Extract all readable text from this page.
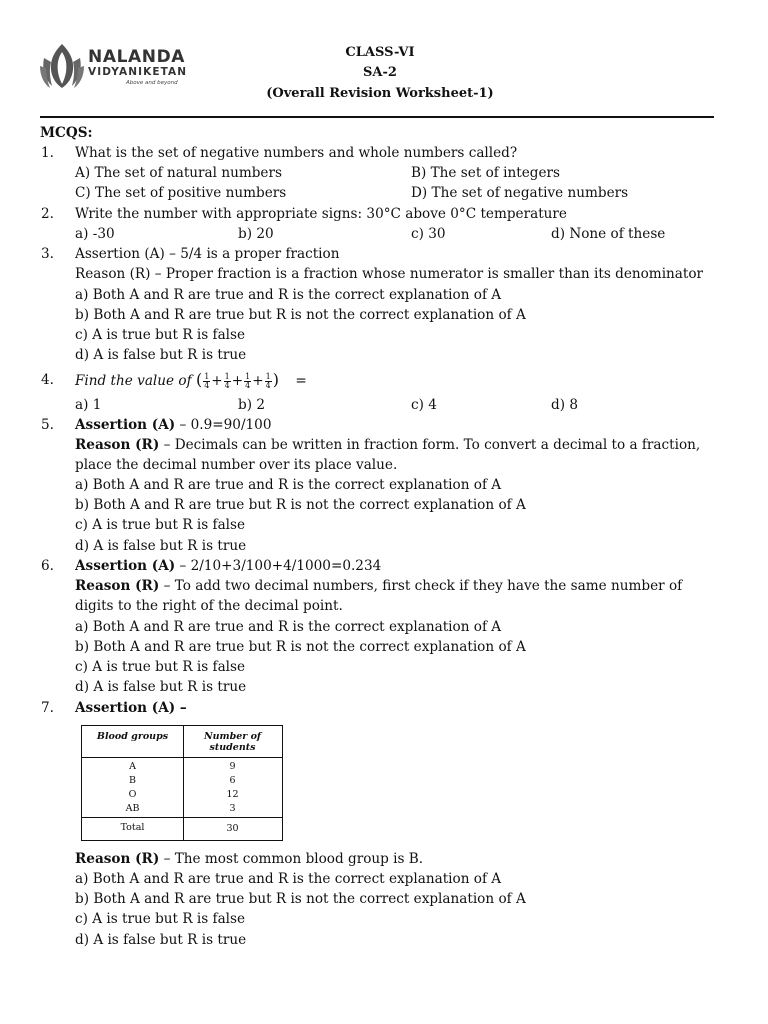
NALANDA
VIDYANIKETAN
Above and beyond
CLASS-VI
SA-2
(Overall Revision Worksheet-1)
MCQS:
1. What is the set of negative numbers and whole numbers called?
A) The set of natural numbers	B) The set of integers
C) The set of positive numbers	D) The set of negative numbers
2. Write the number with appropriate signs: 30°C above 0°C temperature
a) -30	b) 20	c) 30	d) None of these
3. Assertion (A) – 5/4 is a proper fraction
Reason (R) – Proper fraction is a fraction whose numerator is smaller than its denominator
a) Both A and R are true and R is the correct explanation of A
b) Both A and R are true but R is not the correct explanation of A
c) A is true but R is false
d) A is false but R is true
4. Find the value of ( $\frac{1}{4} + \frac{1}{4} + \frac{1}{4} + \frac{1}{4}$ ) =
a) 1	b) 2	c) 4	d) 8
5. Assertion (A) – 0.9=90/100
Reason (R) – Decimals can be written in fraction form. To convert a decimal to a fraction,
place the decimal number over its place value.
a) Both A and R are true and R is the correct explanation of A
b) Both A and R are true but R is not the correct explanation of A
c) A is true but R is false
d) A is false but R is true
6. Assertion (A) – 2/10+3/100+4/1000=0.234
Reason (R) – To add two decimal numbers, first check if they have the same number of
digits to the right of the decimal point.
a) Both A and R are true and R is the correct explanation of A
b) Both A and R are true but R is not the correct explanation of A
c) A is true but R is false
d) A is false but R is true
7. Assertion (A) –
Blood groups	Number of
students
A	9
B	6
O	12
AB	3
Total	30
Reason (R) – The most common blood group is B.
a) Both A and R are true and R is the correct explanation of A
b) Both A and R are true but R is not the correct explanation of A
c) A is true but R is false
d) A is false but R is true
